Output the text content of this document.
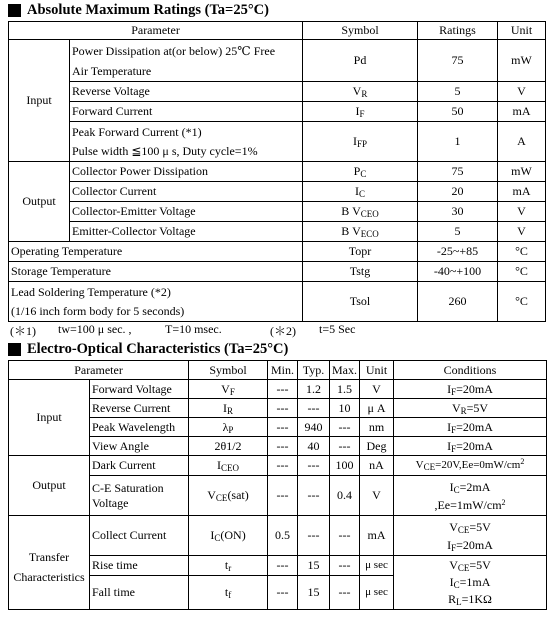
Absolute Maximum Ratings (Ta=25°C)
Parameter		Symbol	Ratings	Unit
Input	Power Dissipation at(or below) 25℃ Free
Air Temperature	Pd	75	mW
	Reverse Voltage	$V_R$	5	V
	Forward Current	$I_F$	50	mA
	Peak Forward Current (*1)
Pulse width ≦100 μ s, Duty cycle=1%	$I_{FP}$	1	A
Output	Collector Power Dissipation	$P_C$	75	mW
	Collector Current	$I_C$	20	mA
	Collector-Emitter Voltage	B $V_{CEO}$	30	V
	Emitter-Collector Voltage	B $V_{ECO}$	5	V
Operating Temperature		Topr	-25~+85	°C
Storage Temperature		Tstg	-40~+100	°C
Lead Soldering Temperature (*2)
(1/16 inch form body for 5 seconds)		Tsol	260	°C
(＊1) tw=100 μ sec. ,	T=10 msec.	(＊2) t=5 Sec
Electro-Optical Characteristics (Ta=25°C)
Parameter		Symbol	Min.	Typ.	Max.	Unit	Conditions
Input	Forward Voltage	$V_F$	---	1.2	1.5	V	$I_F=20mA$
	Reverse Current	$I_R$	---	---	10	μ A	$V_R=5V$
	Peak Wavelength	$\lambda_P$	---	940	---	nm	$I_F=20mA$
	View Angle	2θ1/2	---	40	---	Deg	$I_F=20mA$
Output	Dark Current	$I_{CEO}$	---	---	100	nA	$V_{CE}=20V,Ee=0mW/cm^2$
	C-E Saturation
Voltage	$V_{CE}(sat)$	---	---	0.4	V	$I_C=2mA$
$,Ee=1mW/cm^2$
Transfer
Characteristics	Collect Current	$I_C(ON)$	0.5	---	---	mA	$V_{CE}=5V$
$I_F=20mA$
	Rise time	$t_r$	---	15	---	μ sec	$V_{CE}=5V$
$I_C=1mA$
$R_L=1K\Omega$
	Fall time	$t_f$	---	15	---	μ sec	
